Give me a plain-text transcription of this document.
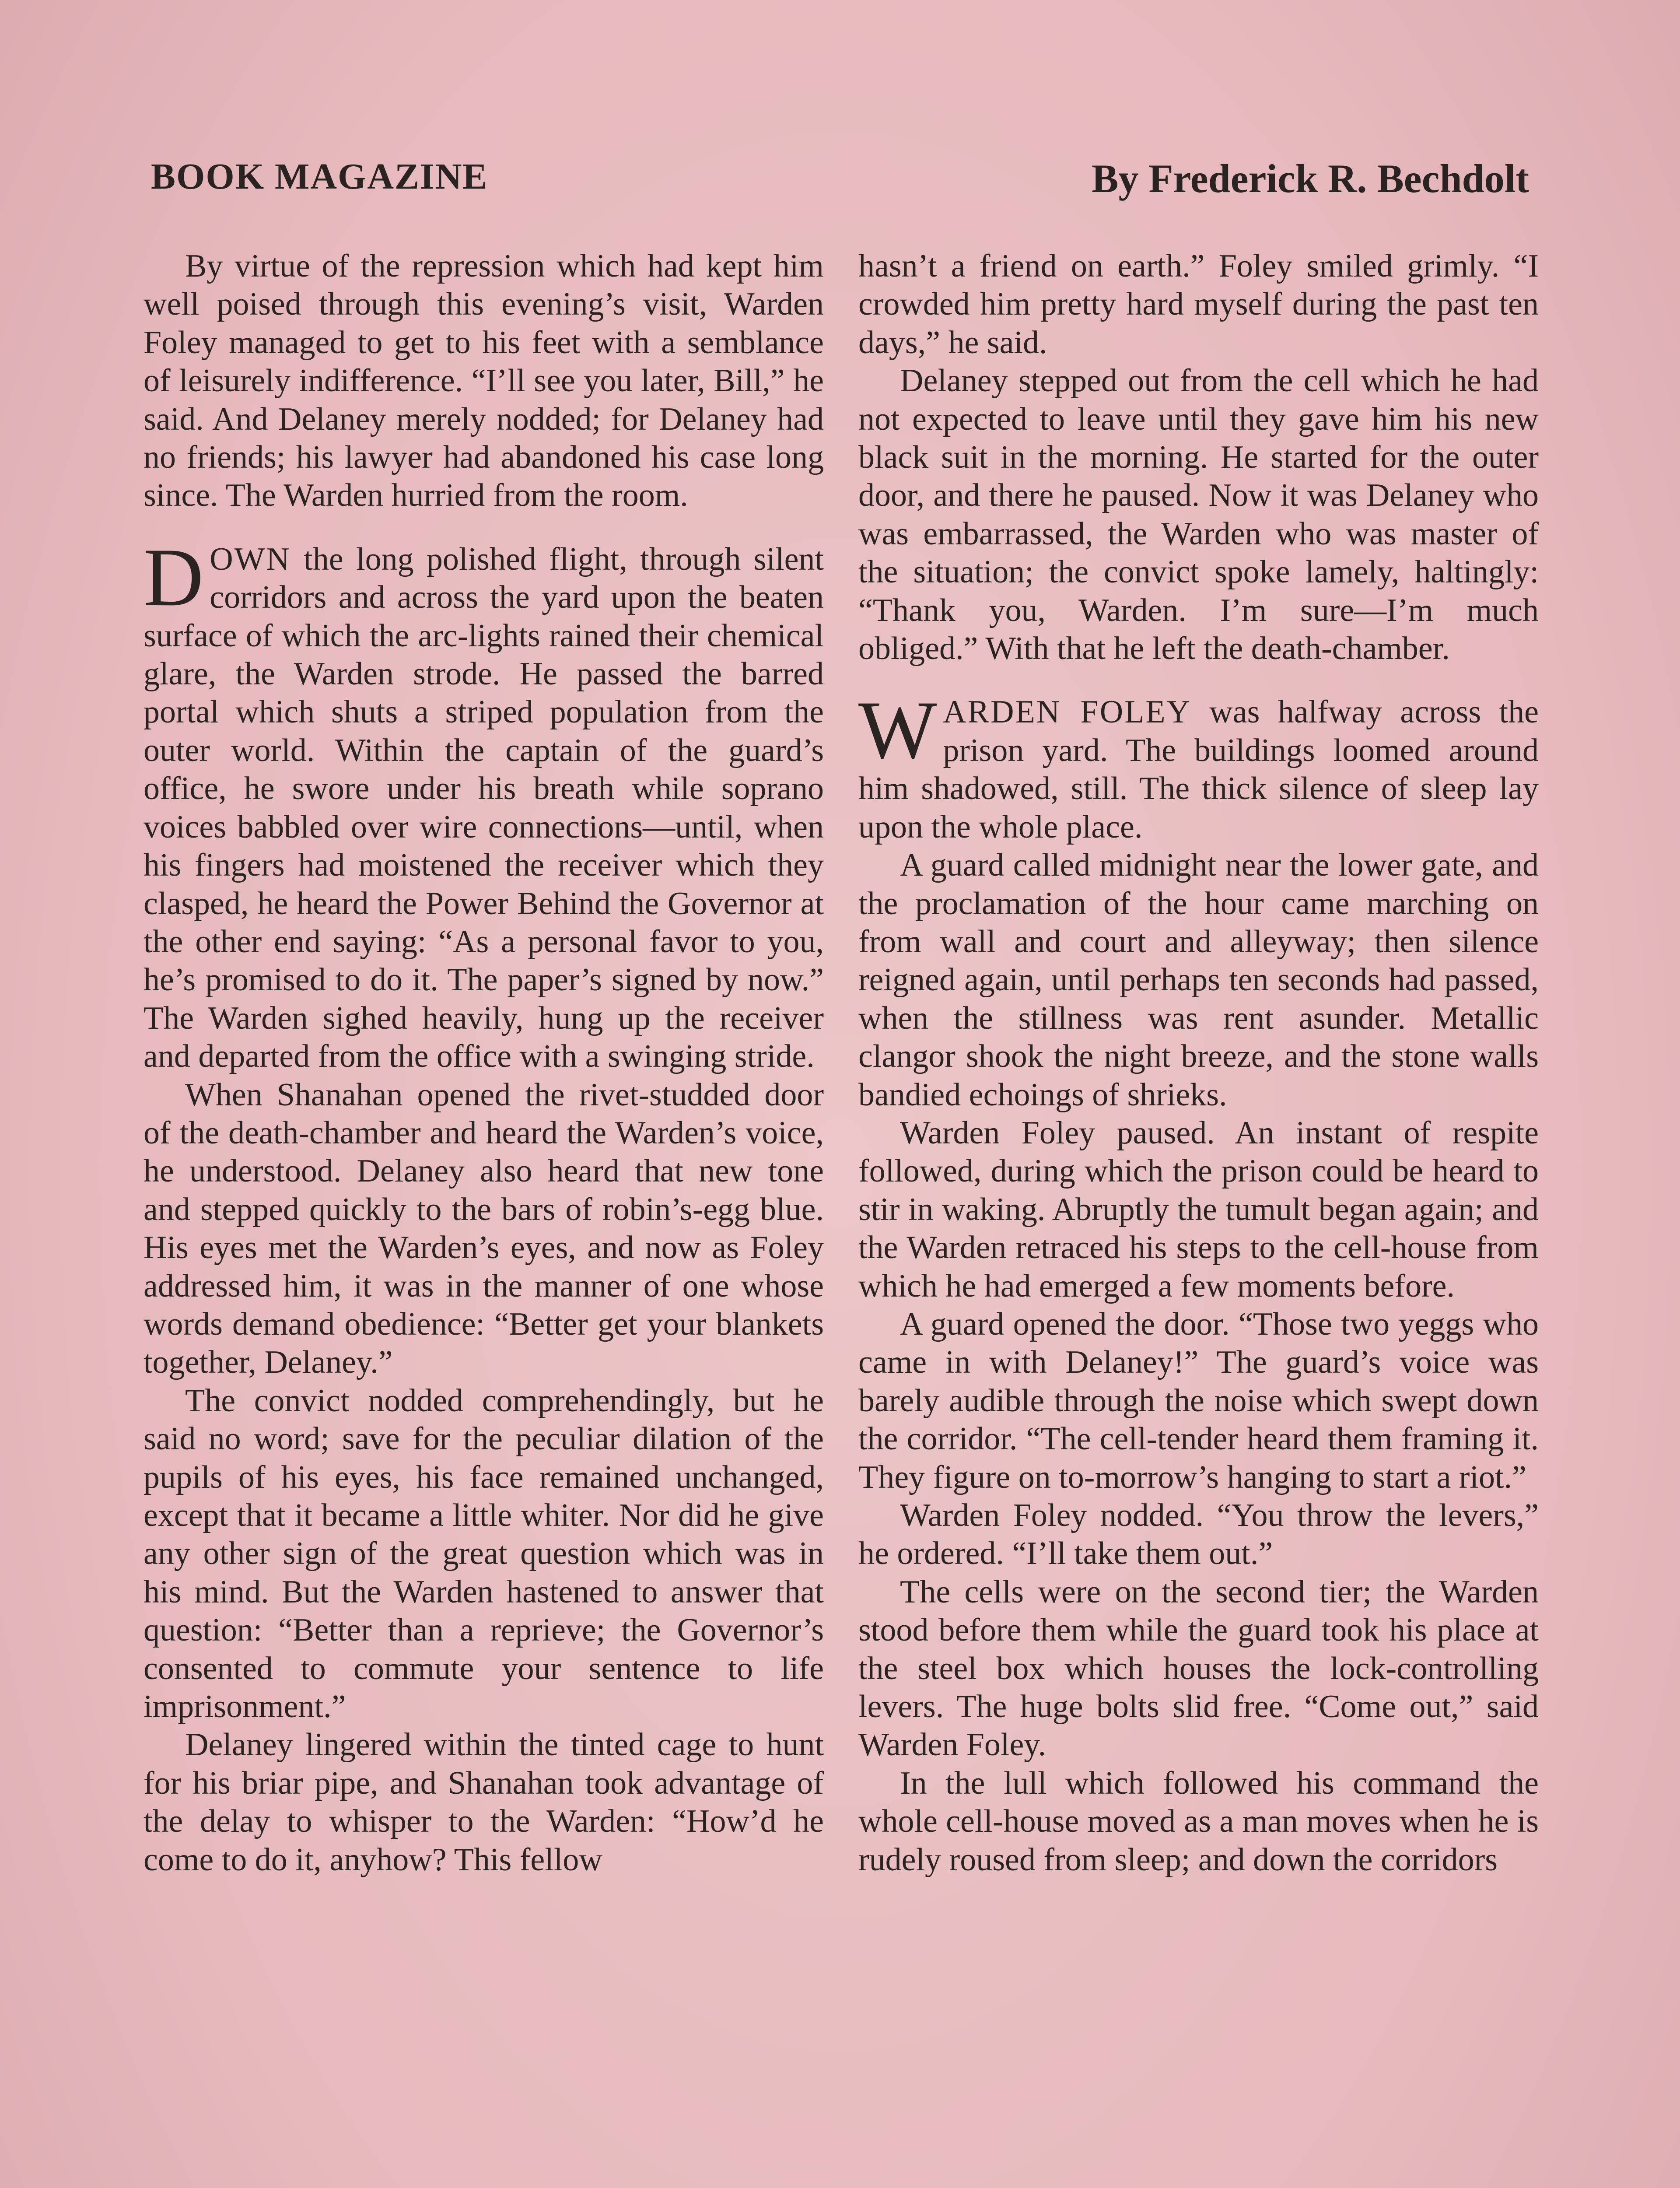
BOOK MAGAZINE	By Frederick R. Bechdolt

By virtue of the repression which had kept him well poised through this evening’s visit, Warden Foley managed to get to his feet with a semblance of leisurely indifference. “I’ll see you later, Bill,” he said. And Delaney merely nodded; for Delaney had no friends; his lawyer had abandoned his case long since. The Warden hurried from the room.

DOWN the long polished flight, through silent corridors and across the yard upon the beaten surface of which the arc-lights rained their chemical glare, the Warden strode. He passed the barred portal which shuts a striped population from the outer world. Within the captain of the guard’s office, he swore under his breath while soprano voices babbled over wire connections—until, when his fingers had moistened the receiver which they clasped, he heard the Power Behind the Governor at the other end saying: “As a personal favor to you, he’s promised to do it. The paper’s signed by now.” The Warden sighed heavily, hung up the receiver and departed from the office with a swinging stride.

When Shanahan opened the rivet-studded door of the death-chamber and heard the Warden’s voice, he understood. Delaney also heard that new tone and stepped quickly to the bars of robin’s-egg blue. His eyes met the Warden’s eyes, and now as Foley addressed him, it was in the manner of one whose words demand obedience: “Better get your blankets together, Delaney.”

The convict nodded comprehendingly, but he said no word; save for the peculiar dilation of the pupils of his eyes, his face remained unchanged, except that it became a little whiter. Nor did he give any other sign of the great question which was in his mind. But the Warden hastened to answer that question: “Better than a reprieve; the Governor’s consented to commute your sentence to life imprisonment.”

Delaney lingered within the tinted cage to hunt for his briar pipe, and Shanahan took advantage of the delay to whisper to the Warden: “How’d he come to do it, anyhow? This fellow

hasn’t a friend on earth.” Foley smiled grimly. “I crowded him pretty hard myself during the past ten days,” he said.

Delaney stepped out from the cell which he had not expected to leave until they gave him his new black suit in the morning. He started for the outer door, and there he paused. Now it was Delaney who was embarrassed, the Warden who was master of the situation; the convict spoke lamely, haltingly: “Thank you, Warden. I’m sure—I’m much obliged.” With that he left the death-chamber.

WARDEN FOLEY was halfway across the prison yard. The buildings loomed around him shadowed, still. The thick silence of sleep lay upon the whole place.

A guard called midnight near the lower gate, and the proclamation of the hour came marching on from wall and court and alleyway; then silence reigned again, until perhaps ten seconds had passed, when the stillness was rent asunder. Metallic clangor shook the night breeze, and the stone walls bandied echoings of shrieks.

Warden Foley paused. An instant of respite followed, during which the prison could be heard to stir in waking. Abruptly the tumult began again; and the Warden retraced his steps to the cell-house from which he had emerged a few moments before.

A guard opened the door. “Those two yeggs who came in with Delaney!” The guard’s voice was barely audible through the noise which swept down the corridor. “The cell-tender heard them framing it. They figure on to-morrow’s hanging to start a riot.”

Warden Foley nodded. “You throw the levers,” he ordered. “I’ll take them out.”

The cells were on the second tier; the Warden stood before them while the guard took his place at the steel box which houses the lock-controlling levers. The huge bolts slid free. “Come out,” said Warden Foley.

In the lull which followed his command the whole cell-house moved as a man moves when he is rudely roused from sleep; and down the corridors
